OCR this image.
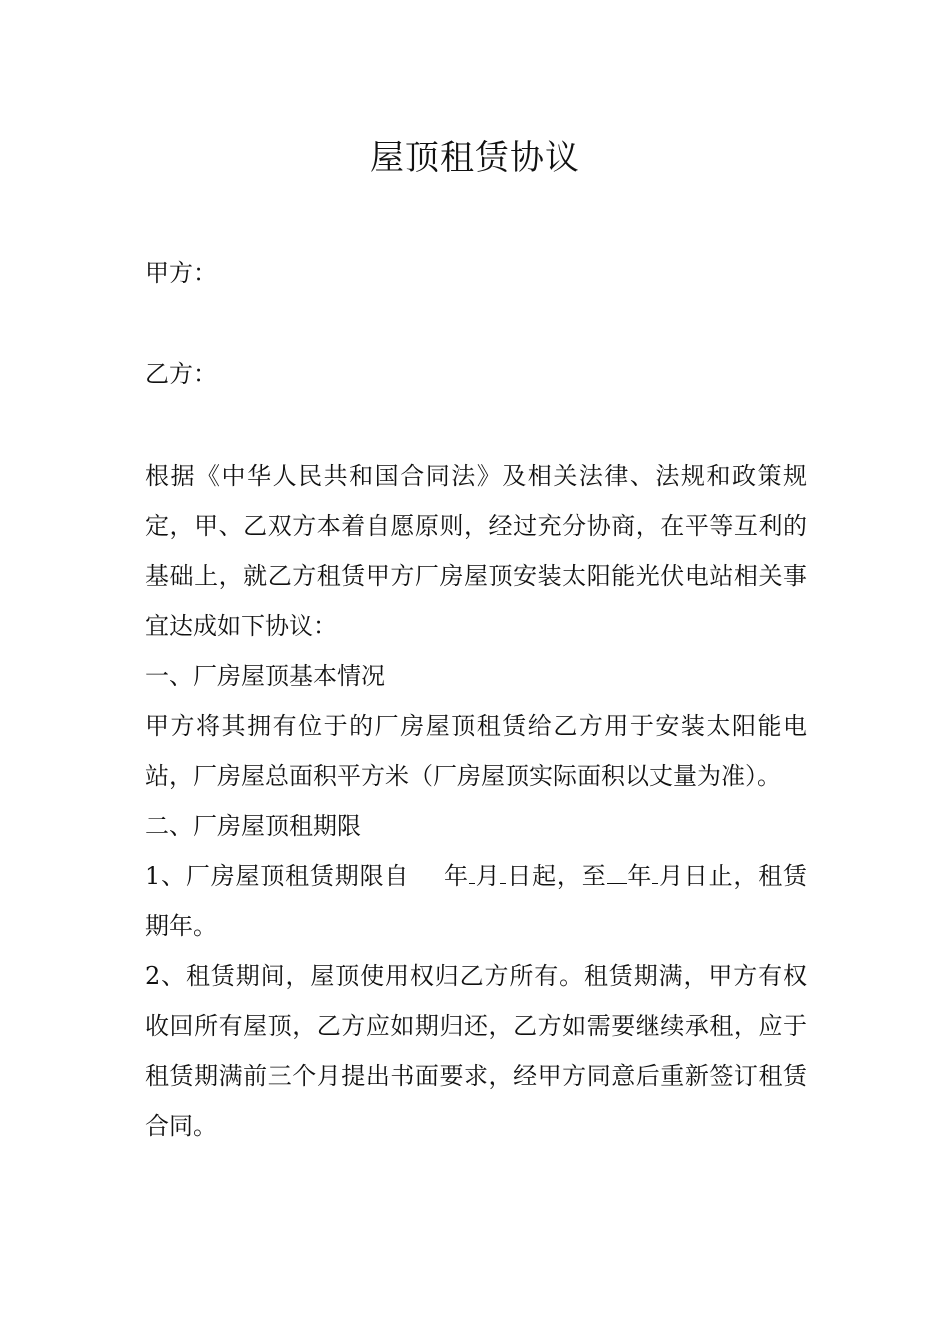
屋顶租赁协议
甲方：
乙方：

根据《中华人民共和国合同法》及相关法律、法规和政策规定，甲、乙双方本着自愿原则，经过充分协商，在平等互利的基础上，就乙方租赁甲方厂房屋顶安装太阳能光伏电站相关事宜达成如下协议：

一、厂房屋顶基本情况

甲方将其拥有位于的厂房屋顶租赁给乙方用于安装太阳能电站，厂房屋总面积平方米（厂房屋顶实际面积以丈量为准）。

二、厂房屋顶租期限

1、厂房屋顶租赁期限自 年 月 日起，至 年 月日止，租赁期年。

2、租赁期间，屋顶使用权归乙方所有。租赁期满，甲方有权收回所有屋顶，乙方应如期归还，乙方如需要继续承租，应于租赁期满前三个月提出书面要求，经甲方同意后重新签订租赁合同。
